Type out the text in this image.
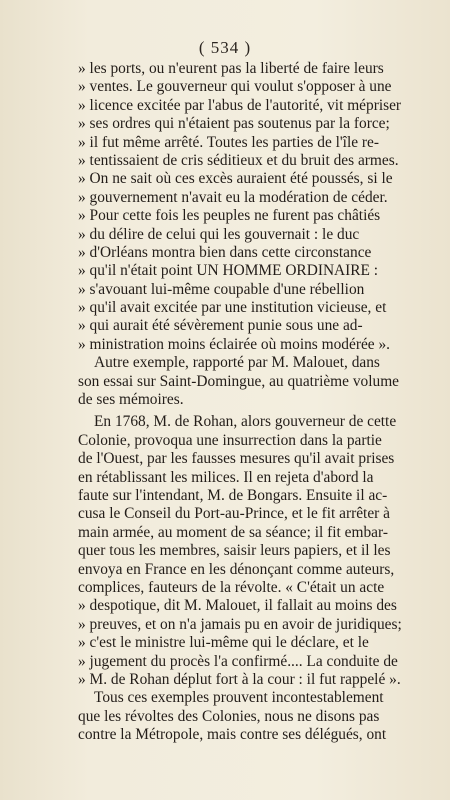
( 534 )
» les ports, ou n'eurent pas la liberté de faire leurs
» ventes. Le gouverneur qui voulut s'opposer à une
» licence excitée par l'abus de l'autorité, vit mépriser
» ses ordres qui n'étaient pas soutenus par la force;
» il fut même arrêté. Toutes les parties de l'île re-
» tentissaient de cris séditieux et du bruit des armes.
» On ne sait où ces excès auraient été poussés, si le
» gouvernement n'avait eu la modération de céder.
» Pour cette fois les peuples ne furent pas châtiés
» du délire de celui qui les gouvernait : le duc
» d'Orléans montra bien dans cette circonstance
» qu'il n'était point UN HOMME ORDINAIRE :
» s'avouant lui-même coupable d'une rébellion
» qu'il avait excitée par une institution vicieuse, et
» qui aurait été sévèrement punie sous une ad-
» ministration moins éclairée où moins modérée ».
Autre exemple, rapporté par M. Malouet, dans
son essai sur Saint-Domingue, au quatrième volume
de ses mémoires.
En 1768, M. de Rohan, alors gouverneur de cette
Colonie, provoqua une insurrection dans la partie
de l'Ouest, par les fausses mesures qu'il avait prises
en rétablissant les milices. Il en rejeta d'abord la
faute sur l'intendant, M. de Bongars. Ensuite il ac-
cusa le Conseil du Port-au-Prince, et le fit arrêter à
main armée, au moment de sa séance; il fit embar-
quer tous les membres, saisir leurs papiers, et il les
envoya en France en les dénonçant comme auteurs,
complices, fauteurs de la révolte. « C'était un acte
» despotique, dit M. Malouet, il fallait au moins des
» preuves, et on n'a jamais pu en avoir de juridiques;
» c'est le ministre lui-même qui le déclare, et le
» jugement du procès l'a confirmé.... La conduite de
» M. de Rohan déplut fort à la cour : il fut rappelé ».
Tous ces exemples prouvent incontestablement
que les révoltes des Colonies, nous ne disons pas
contre la Métropole, mais contre ses délégués, ont
